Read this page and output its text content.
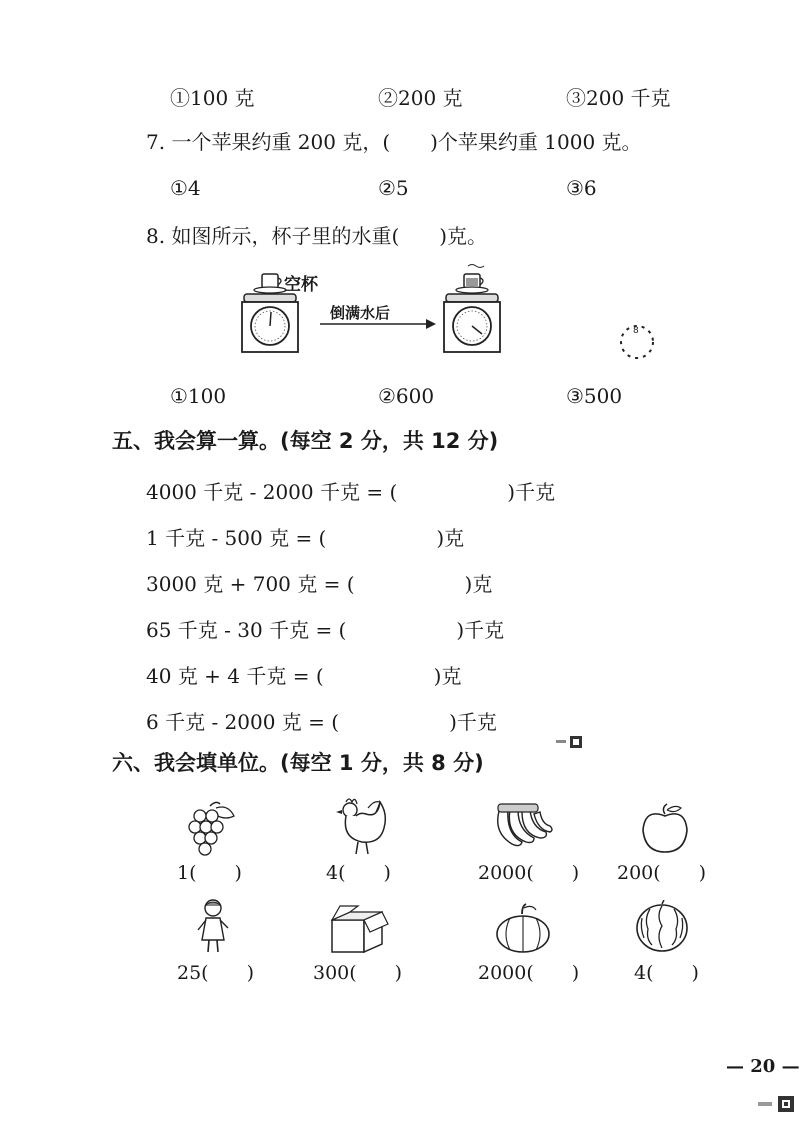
①100 克	②200 克	③200 千克
7. 一个苹果约重 200 克，(　　)个苹果约重 1000 克。
①4	②5	③6
8. 如图所示，杯子里的水重(　　)克。
空杯
倒满水后
8
①100	②600	③500
五、我会算一算。(每空 2 分，共 12 分)
4000 千克 - 2000 千克 = (	)千克
1 千克 - 500 克 = (	)克
3000 克 + 700 克 = (	)克
65 千克 - 30 千克 = (	)千克
40 克 + 4 千克 = (	)克
6 千克 - 2000 克 = (	)千克
六、我会填单位。(每空 1 分，共 8 分)
1(　　)	4(　　)	2000(　　) 200(　　)
25(　　)	300(　　)	2000(　　)	4(　　)
— 20 —
